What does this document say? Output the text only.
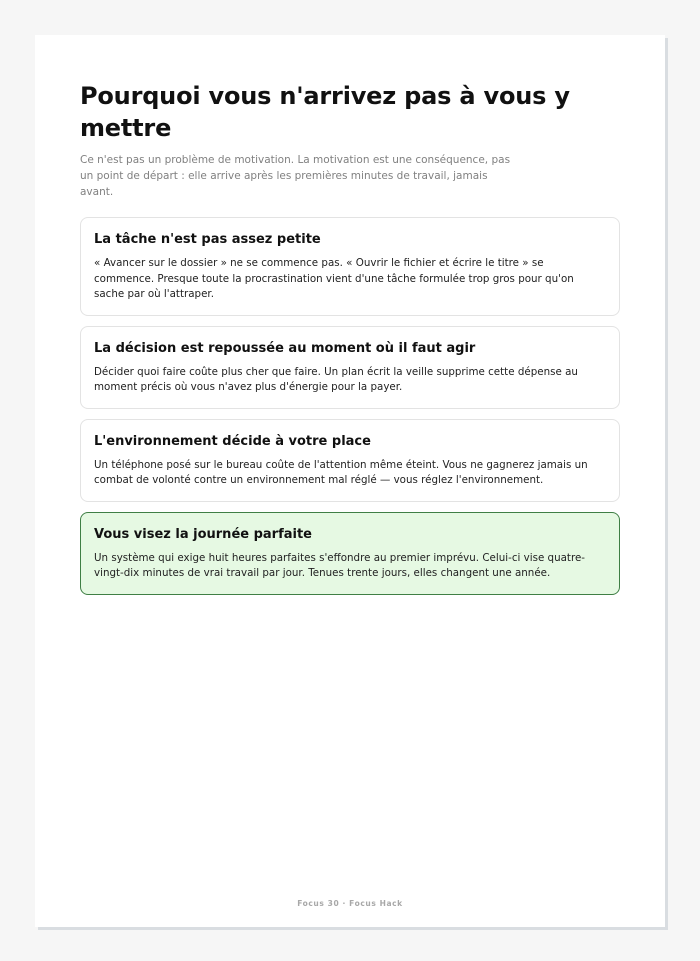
Pourquoi vous n'arrivez pas à vous y mettre

Ce n'est pas un problème de motivation. La motivation est une conséquence, pas un point de départ : elle arrive après les premières minutes de travail, jamais avant.

La tâche n'est pas assez petite

« Avancer sur le dossier » ne se commence pas. « Ouvrir le fichier et écrire le titre » se commence. Presque toute la procrastination vient d'une tâche formulée trop gros pour qu'on sache par où l'attraper.

La décision est repoussée au moment où il faut agir

Décider quoi faire coûte plus cher que faire. Un plan écrit la veille supprime cette dépense au moment précis où vous n'avez plus d'énergie pour la payer.

L'environnement décide à votre place

Un téléphone posé sur le bureau coûte de l'attention même éteint. Vous ne gagnerez jamais un combat de volonté contre un environnement mal réglé — vous réglez l'environnement.

Vous visez la journée parfaite

Un système qui exige huit heures parfaites s'effondre au premier imprévu. Celui-ci vise quatre-vingt-dix minutes de vrai travail par jour. Tenues trente jours, elles changent une année.

Focus 30 · Focus Hack
